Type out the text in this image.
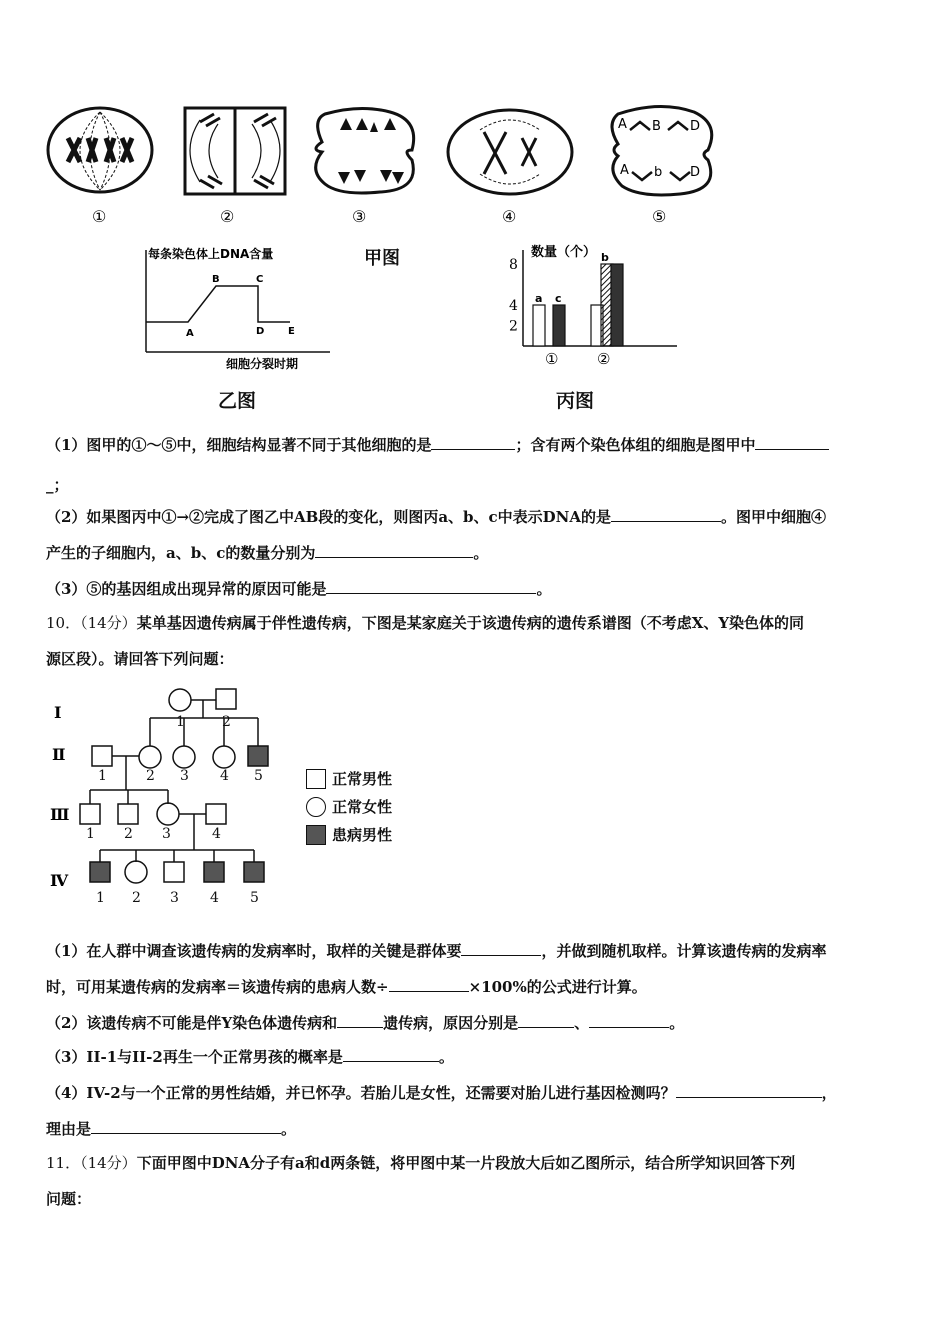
A B D
A b D
①	②	③	④	⑤
甲图
每条染色体上DNA含量
A
B	C
D E
细胞分裂时期
乙图
数量（个）
2
4
8
a c
b
①	②
丙图
（1）图甲的①～⑤中，细胞结构显著不同于其他细胞的是	；含有两个染色体组的细胞是图甲中
_；
（2）如果图丙中①→②完成了图乙中AB段的变化，则图丙a、b、c中表示DNA的是	。图甲中细胞④
产生的子细胞内，a、b、c的数量分别为	。
（3）⑤的基因组成出现异常的原因可能是	。
10．（14分）某单基因遗传病属于伴性遗传病，下图是某家庭关于该遗传病的遗传系谱图（不考虑X、Y染色体的同
源区段）。请回答下列问题：
Ⅰ
Ⅱ
Ⅲ
Ⅳ
1	2
1	2 3 4 5
1 2 3	4
1 2 3 4 5
正常男性
正常女性
患病男性
（1）在人群中调查该遗传病的发病率时，取样的关键是群体要	，并做到随机取样。计算该遗传病的发病率
时，可用某遗传病的发病率＝该遗传病的患病人数÷	×100%的公式进行计算。
（2）该遗传病不可能是伴Y染色体遗传病和	遗传病，原因分别是	、	。
（3）II-1与II-2再生一个正常男孩的概率是	。
（4）IV-2与一个正常的男性结婚，并已怀孕。若胎儿是女性，还需要对胎儿进行基因检测吗？	，
理由是	。
11．（14分）下面甲图中DNA分子有a和d两条链，将甲图中某一片段放大后如乙图所示，结合所学知识回答下列
问题：
